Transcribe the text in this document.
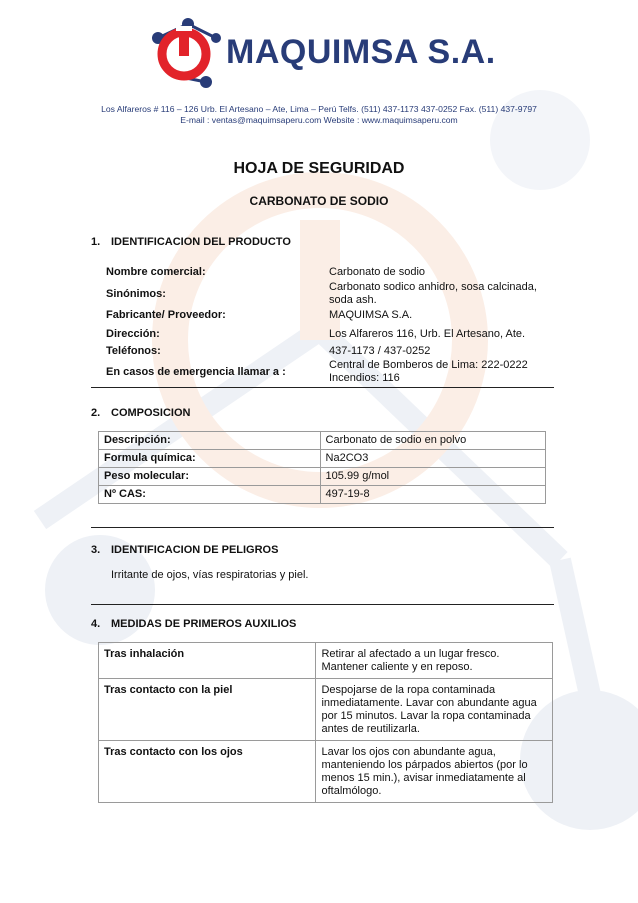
MAQUIMSA S.A.
Los Alfareros # 116 – 126 Urb. El Artesano – Ate, Lima – Perú Telfs. (511) 437-1173 437-0252 Fax. (511) 437-9797
E-mail : ventas@maquimsaperu.com Website : www.maquimsaperu.com
HOJA DE SEGURIDAD
CARBONATO DE SODIO
1. IDENTIFICACION DEL PRODUCTO
Nombre comercial:	Carbonato de sodio
Sinónimos:
Carbonato sodico anhidro, sosa calcinada,
soda ash.
Fabricante/ Proveedor:	MAQUIMSA S.A.
Dirección:	Los Alfareros 116, Urb. El Artesano, Ate.
Teléfonos:	437-1173 / 437-0252
En casos de emergencia llamar a :
Central de Bomberos de Lima: 222-0222
Incendios: 116
2. COMPOSICION
Descripción:	Carbonato de sodio en polvo
Formula química:	Na2CO3
Peso molecular:	105.99 g/mol
Nº CAS:	497-19-8
3. IDENTIFICACION DE PELIGROS
Irritante de ojos, vías respiratorias y piel.
4. MEDIDAS DE PRIMEROS AUXILIOS
Tras inhalación	Retirar al afectado a un lugar fresco. Mantener caliente y en reposo.
Tras contacto con la piel	Despojarse de la ropa contaminada inmediatamente. Lavar con abundante agua por 15 minutos. Lavar la ropa contaminada antes de reutilizarla.
Tras contacto con los ojos	Lavar los ojos con abundante agua, manteniendo los párpados abiertos (por lo menos 15 min.), avisar inmediatamente al oftalmólogo.
